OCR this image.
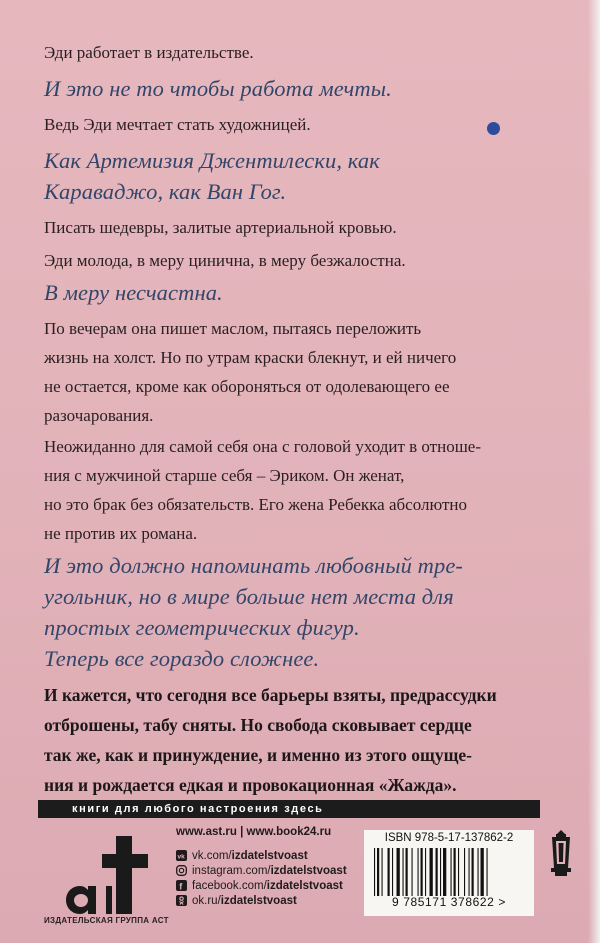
Эди работает в издательстве.

И это не то чтобы работа мечты.

Ведь Эди мечтает стать художницей.

Как Артемизия Джентилески, как

Караваджо, как Ван Гог.

Писать шедевры, залитые артериальной кровью.

Эди молода, в меру цинична, в меру безжалостна.

В меру несчастна.

По вечерам она пишет маслом, пытаясь переложить

жизнь на холст. Но по утрам краски блекнут, и ей ничего

не остается, кроме как обороняться от одолевающего ее

разочарования.

Неожиданно для самой себя она с головой уходит в отноше-

ния с мужчиной старше себя – Эриком. Он женат,

но это брак без обязательств. Его жена Ребекка абсолютно

не против их романа.

И это должно напоминать любовный тре-

угольник, но в мире больше нет места для

простых геометрических фигур.

Теперь все гораздо сложнее.

И кажется, что сегодня все барьеры взяты, предрассудки

отброшены, табу сняты. Но свобода сковывает сердце

так же, как и принуждение, и именно из этого ощуще-

ния и рождается едкая и провокационная «Жажда».

книги для любого настроения здесь
ИЗДАТЕЛЬСКАЯ ГРУППА АСТ
www.ast.ru | www.book24.ru
vk vk.com/ izdatelstvoast
instagram.com/ izdatelstvoast
f facebook.com/ izdatelstvoast
ok.ru/ izdatelstvoast
ISBN 978-5-17-137862-2
9 785171 378622 >
